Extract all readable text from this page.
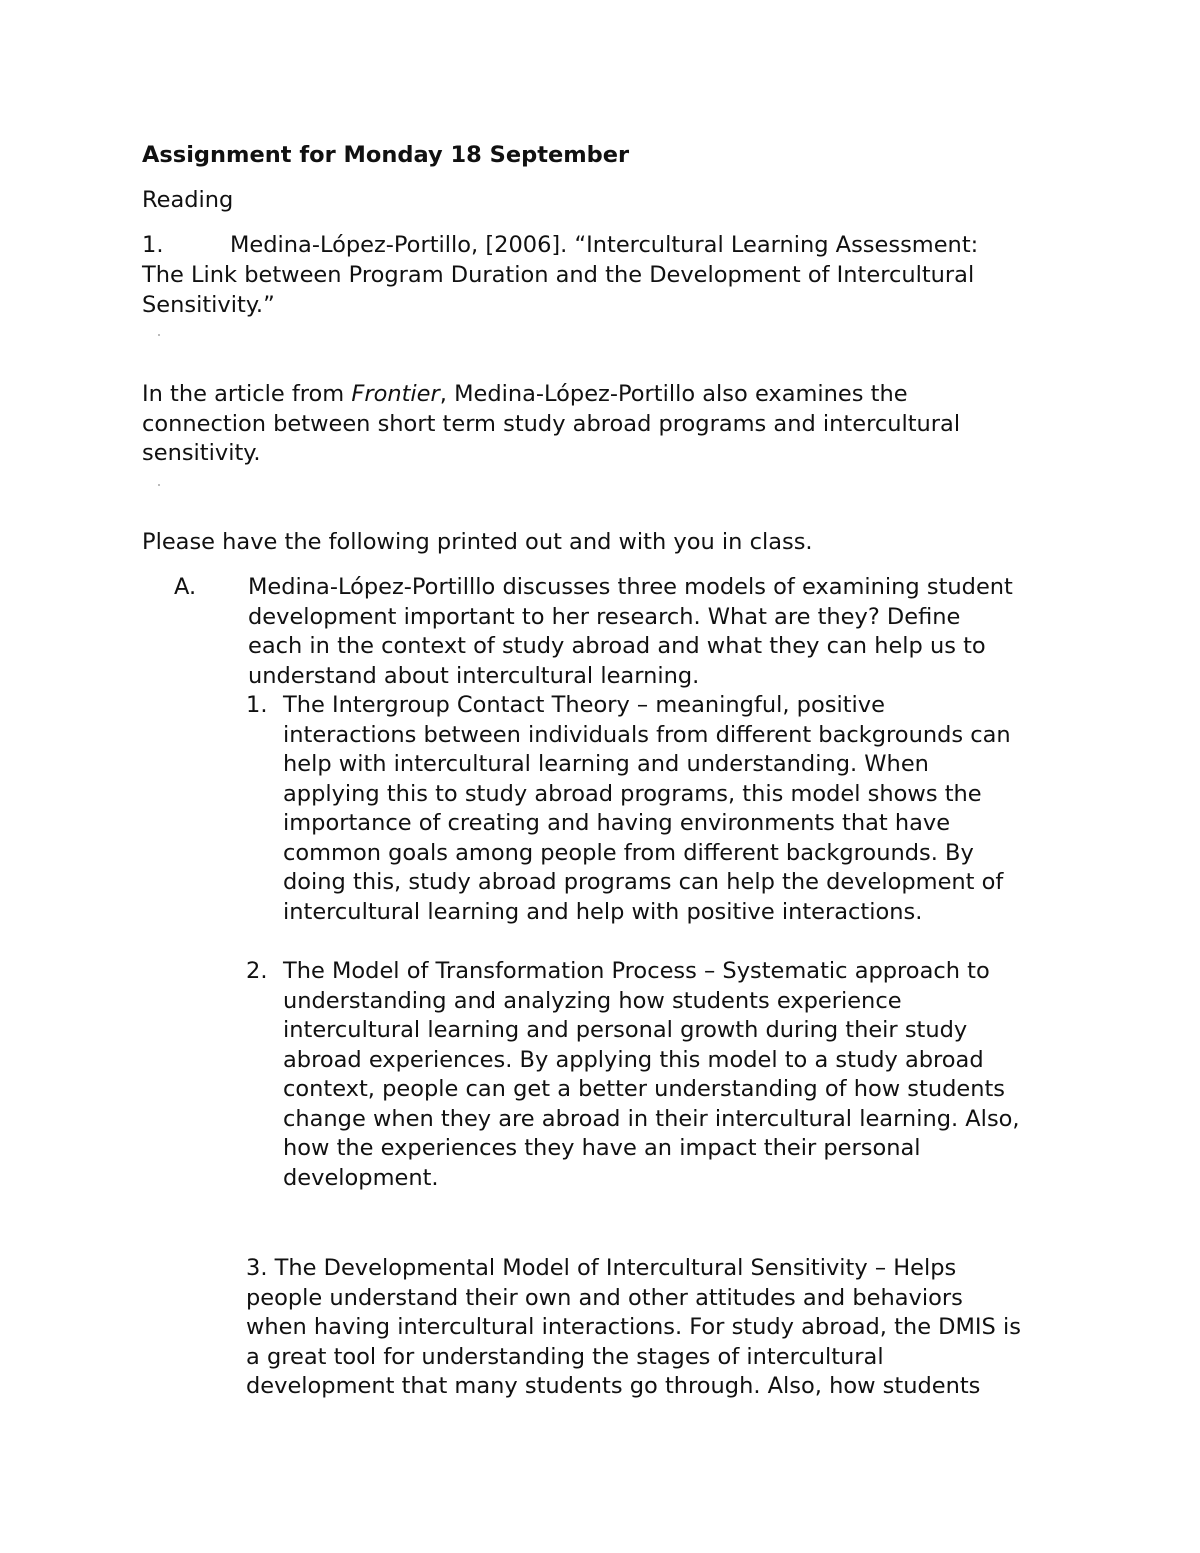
Assignment for Monday 18 September
Reading
1.	Medina-López-Portillo, [2006]. “Intercultural Learning Assessment:
The Link between Program Duration and the Development of Intercultural
Sensitivity.”
In the article from Frontier, Medina-López-Portillo also examines the
connection between short term study abroad programs and intercultural
sensitivity.
Please have the following printed out and with you in class.
A. Medina-López-Portilllo discusses three models of examining student
development important to her research. What are they? Define
each in the context of study abroad and what they can help us to
understand about intercultural learning.
1. The Intergroup Contact Theory – meaningful, positive
interactions between individuals from different backgrounds can
help with intercultural learning and understanding. When
applying this to study abroad programs, this model shows the
importance of creating and having environments that have
common goals among people from different backgrounds. By
doing this, study abroad programs can help the development of
intercultural learning and help with positive interactions.
2. The Model of Transformation Process – Systematic approach to
understanding and analyzing how students experience
intercultural learning and personal growth during their study
abroad experiences. By applying this model to a study abroad
context, people can get a better understanding of how students
change when they are abroad in their intercultural learning. Also,
how the experiences they have an impact their personal
development.
3. The Developmental Model of Intercultural Sensitivity – Helps
people understand their own and other attitudes and behaviors
when having intercultural interactions. For study abroad, the DMIS is
a great tool for understanding the stages of intercultural
development that many students go through. Also, how students
